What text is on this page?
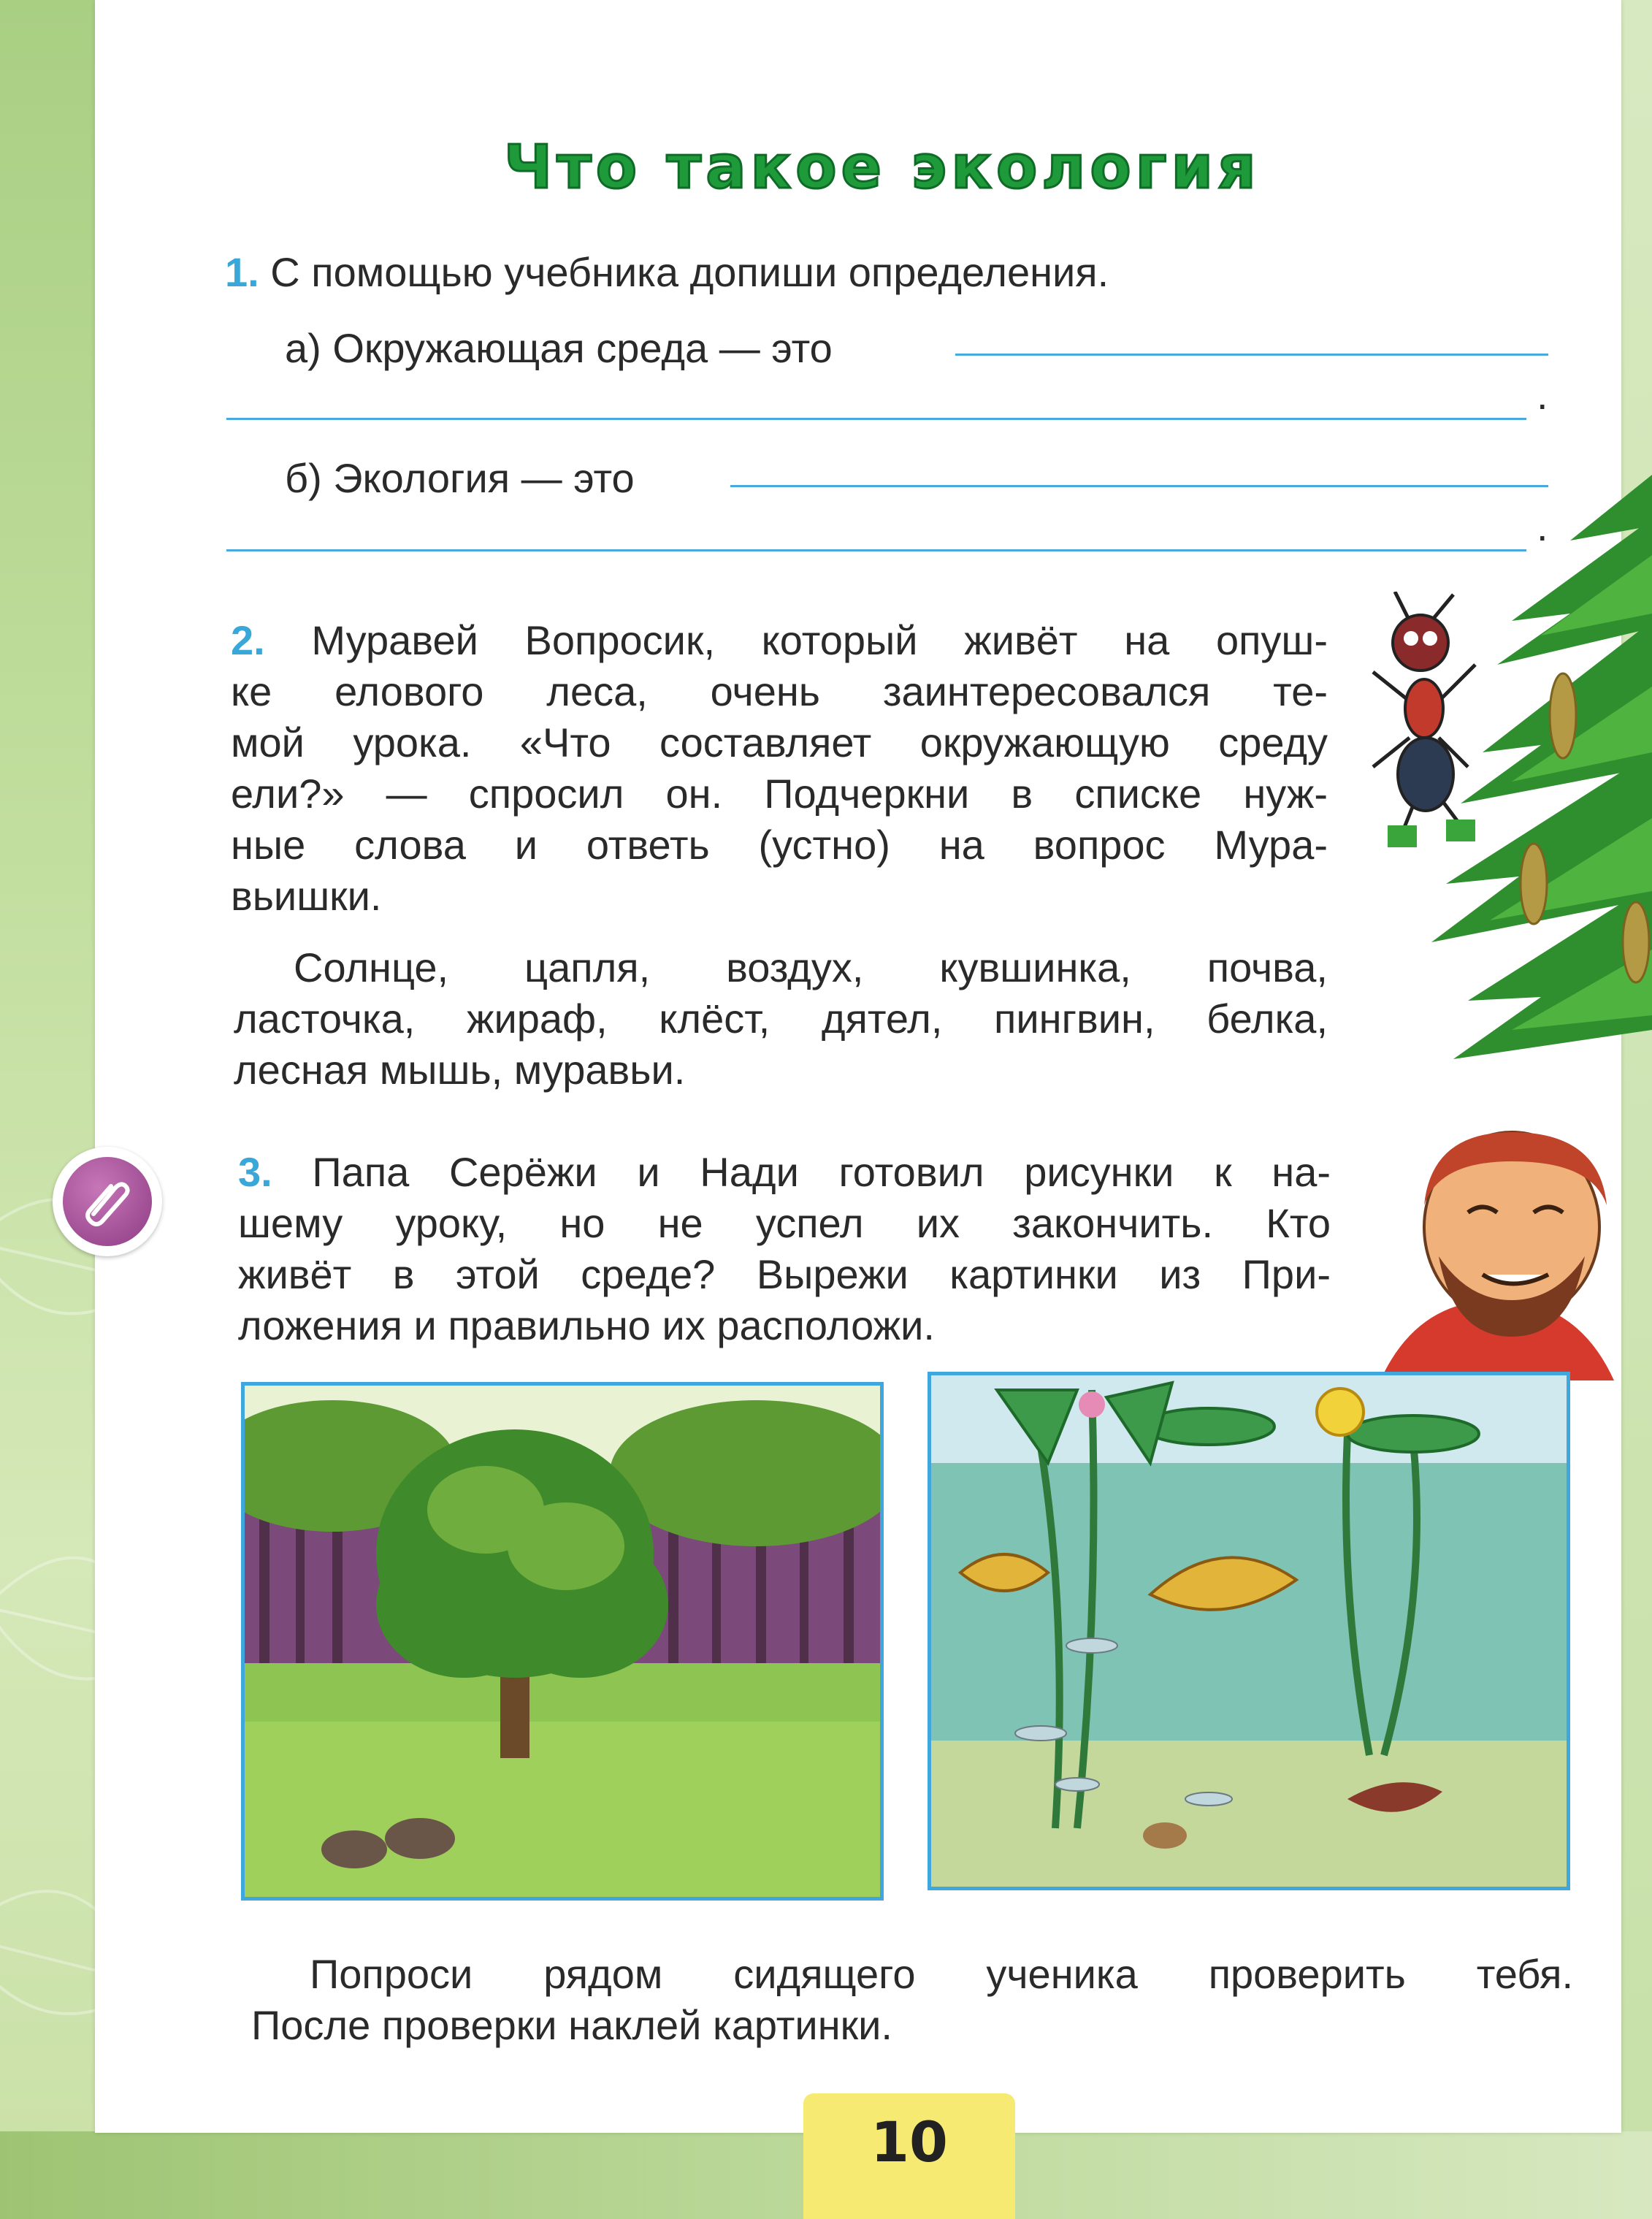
Что такое экология
1. С помощью учебника допиши определения.
а) Окружающая среда — это
.
б) Экология — это
.
2. Муравей Вопросик, который живёт на опуш-
ке елового леса, очень заинтересовался те-
мой урока. «Что составляет окружающую среду
ели?» — спросил он. Подчеркни в списке нуж-
ные слова и ответь (устно) на вопрос Мура-
вьишки.
Солнце, цапля, воздух, кувшинка, почва,
ласточка, жираф, клёст, дятел, пингвин, белка,
лесная мышь, муравьи.
3. Папа Серёжи и Нади готовил рисунки к на-
шему уроку, но не успел их закончить. Кто
живёт в этой среде? Вырежи картинки из При-
ложения и правильно их расположи.
Попроси рядом сидящего ученика проверить тебя.
После проверки наклей картинки.
10
